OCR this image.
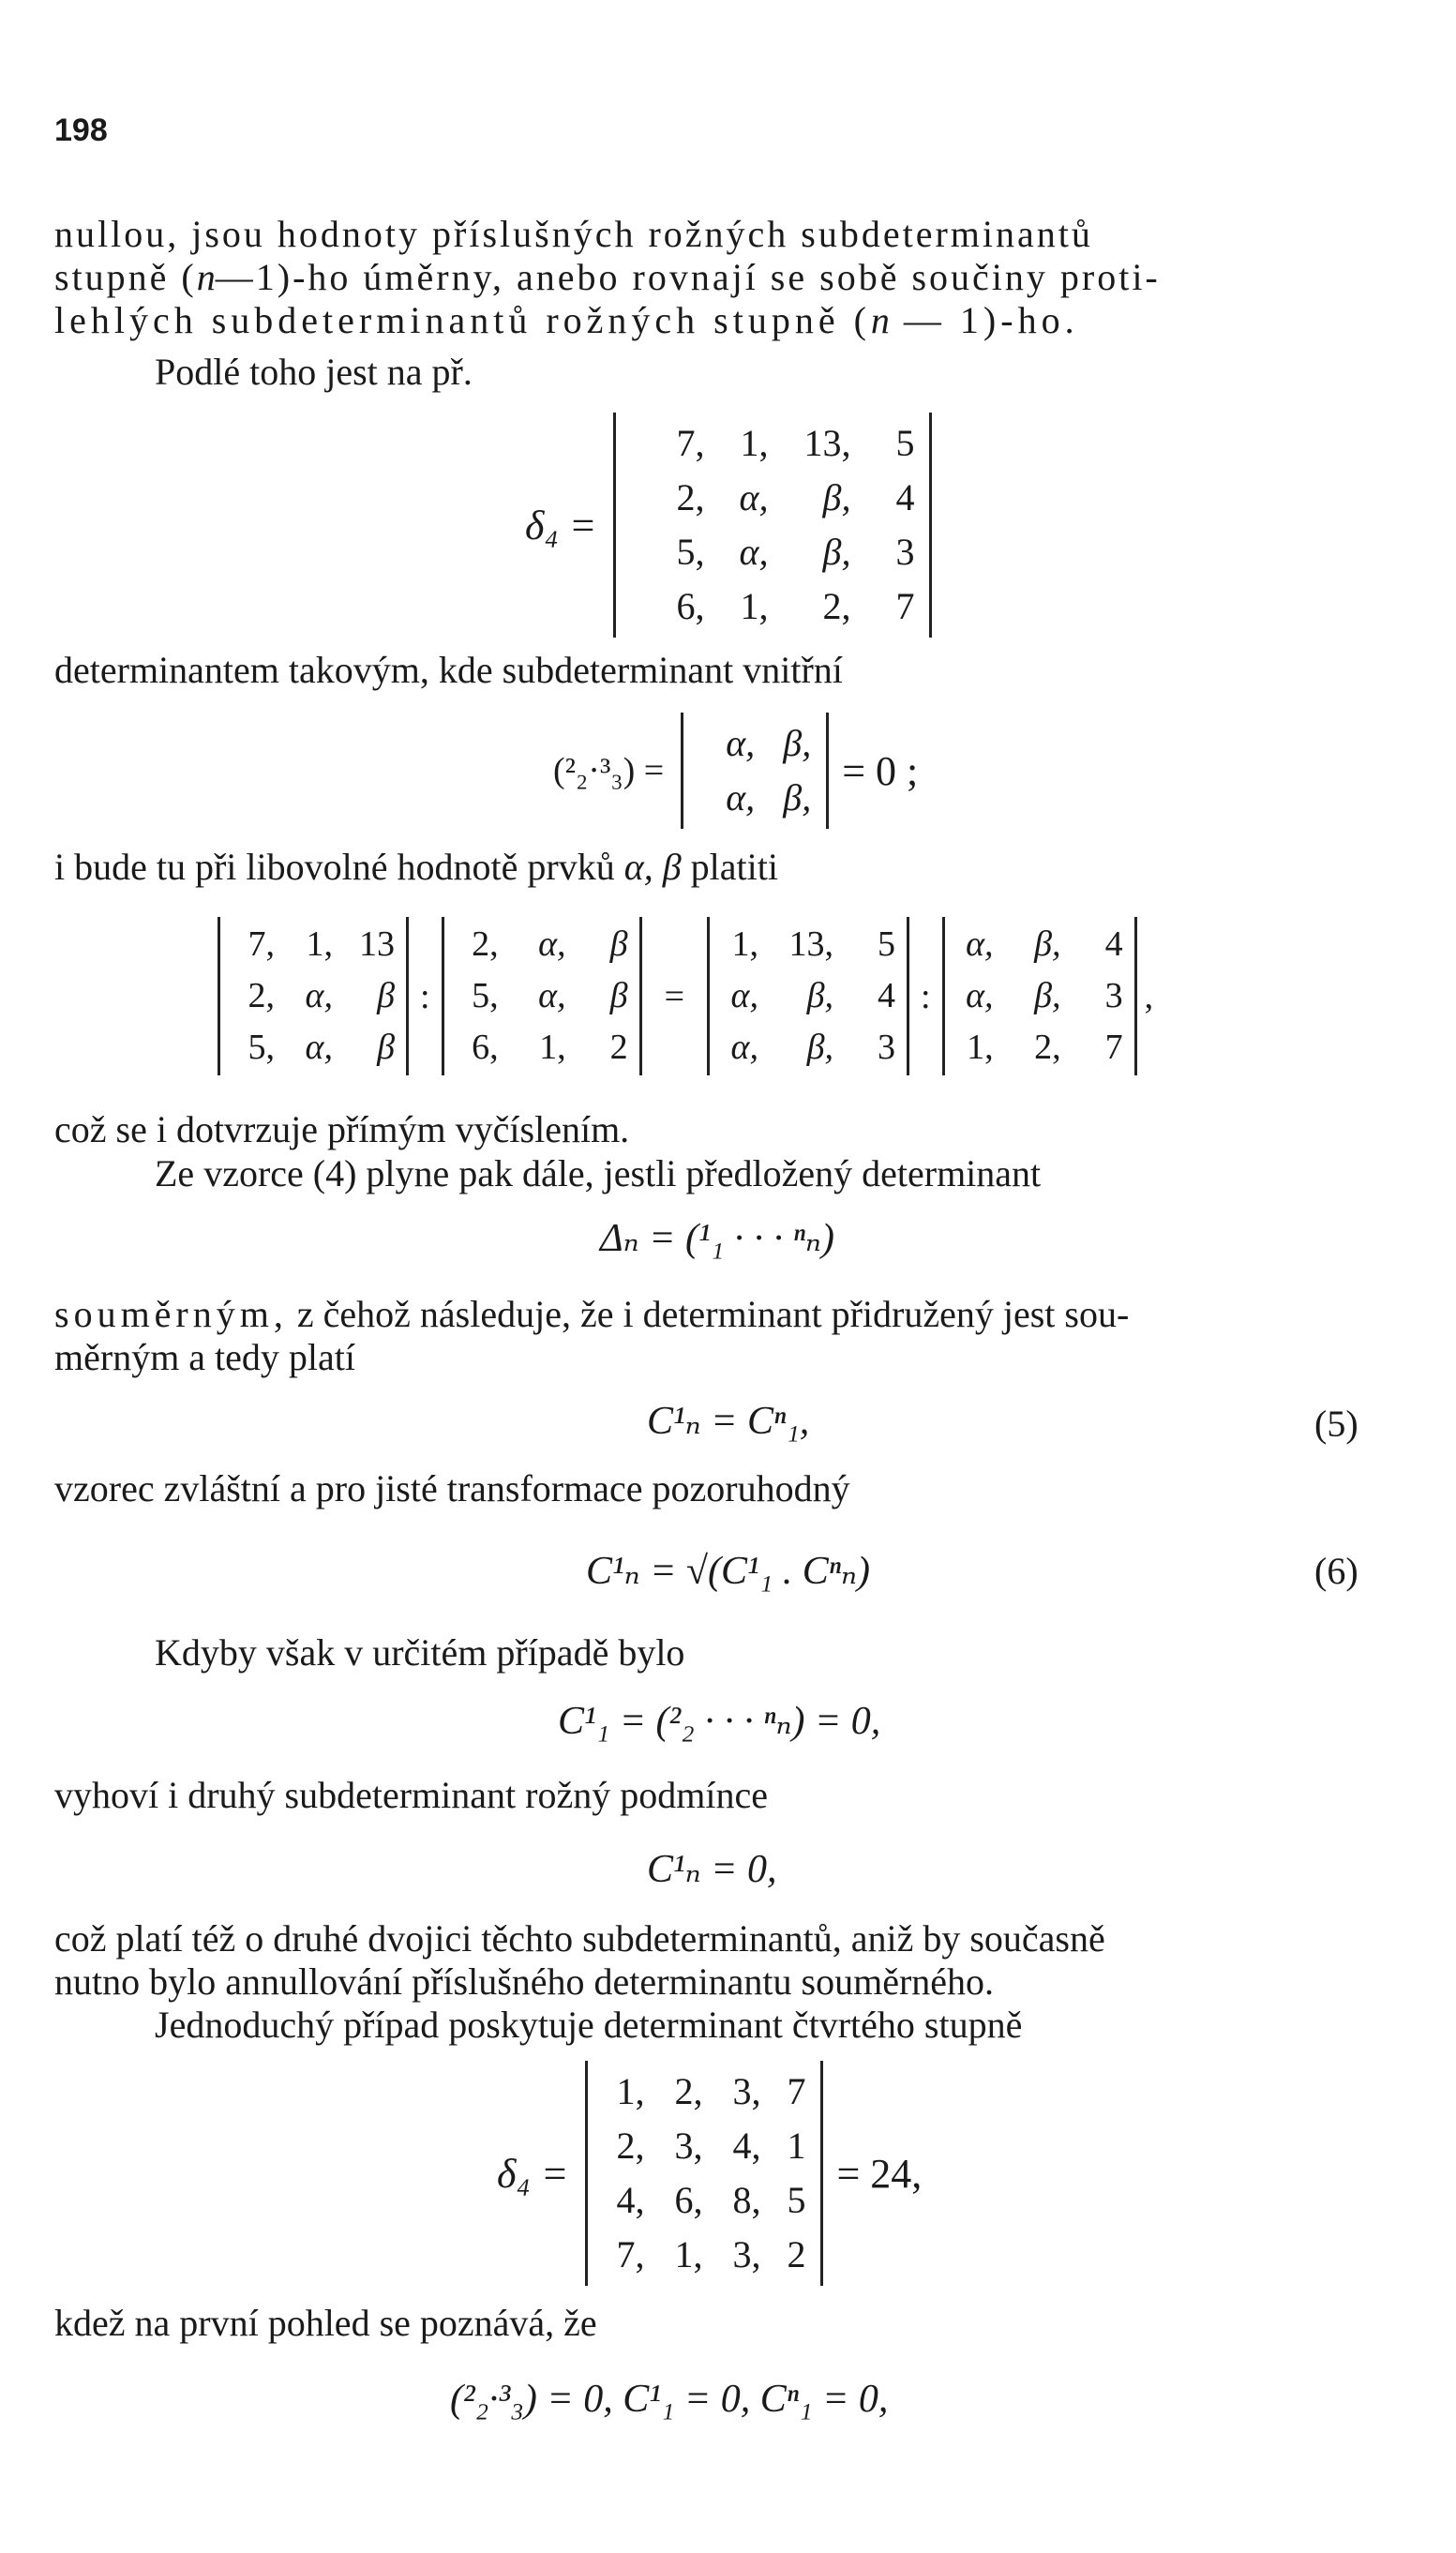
198
nullou, jsou hodnoty příslušných rožných subdeterminantů
stupně (n—1)-ho úměrny, anebo rovnají se sobě součiny proti-
lehlých subdeterminantů rožných stupně (n — 1)-ho.
Podlé toho jest na př.
δ₄ =
7, 1, 13,	5
2, α,	β,	4
5, α,	β,	3
6, 1,	2,	7
determinantem takovým, kde subdeterminant vnitřní
(²₂·³₃) =
α, β,
α, β,
= 0 ;
i bude tu při libovolné hodnotě prvků α, β platiti
7, 1, 13
2, α,	β
5, α,	β
:
2,	α,	β
5,	α,	β
6,	1,	2
=
1, 13,	5
α,	β,	4
α,	β,	3
:
α,	β,	4
α,	β,	3
1,	2,	7
,
což se i dotvrzuje přímým vyčíslením.
Ze vzorce (4) plyne pak dále, jestli předložený determinant
Δₙ = (¹₁ · · · ⁿₙ)
souměrným, z čehož následuje, že i determinant přidružený jest sou-
měrným a tedy platí
C¹ₙ = Cⁿ₁,	(5)
vzorec zvláštní a pro jisté transformace pozoruhodný
C¹ₙ = √(C¹₁ . Cⁿₙ)	(6)
Kdyby však v určitém případě bylo
C¹₁ = (²₂ · · · ⁿₙ) = 0,
vyhoví i druhý subdeterminant rožný podmínce
C¹ₙ = 0,
což platí též o druhé dvojici těchto subdeterminantů, aniž by současně
nutno bylo annullování příslušného determinantu souměrného.
Jednoduchý případ poskytuje determinant čtvrtého stupně
δ₄ =
1, 2, 3, 7
2, 3, 4, 1
4, 6, 8, 5
7, 1, 3, 2
= 24,
kdež na první pohled se poznává, že
(²₂·³₃) = 0, C¹₁ = 0, Cⁿ₁ = 0,
